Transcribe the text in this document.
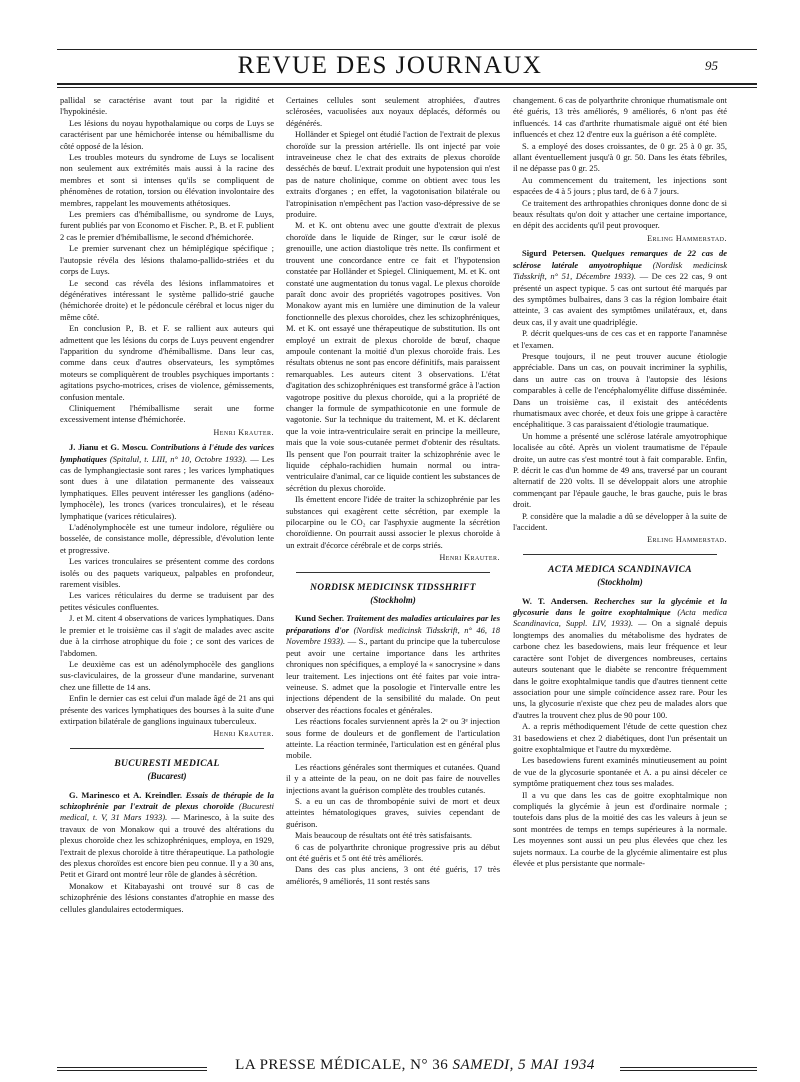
REVUE DES JOURNAUX	95

pallidal se caractérise avant tout par la rigidité et l'hypokinésie.

Les lésions du noyau hypothalamique ou corps de Luys se caractérisent par une hémichorée intense ou hémiballisme du côté opposé de la lésion.

Les troubles moteurs du syndrome de Luys se localisent non seulement aux extrémités mais aussi à la racine des membres et sont si intenses qu'ils se compliquent de phénomènes de rotation, torsion ou élévation involontaire des membres, rappelant les mouvements athétosiques.

Les premiers cas d'hémiballisme, ou syndrome de Luys, furent publiés par von Economo et Fischer. P., B. et F. publient 2 cas le premier d'hémiballisme, le second d'hémichorée.

Le premier survenant chez un hémiplégique spécifique ; l'autopsie révéla des lésions thalamo-pallido-striées et du corps de Luys.

Le second cas révéla des lésions inflammatoires et dégénératives intéressant le système pallido-strié gauche (hémichorée droite) et le pédoncule cérébral et locus niger du même côté.

En conclusion P., B. et F. se rallient aux auteurs qui admettent que les lésions du corps de Luys peuvent engendrer l'apparition du syndrome d'hémiballisme. Dans leur cas, comme dans ceux d'autres observateurs, les symptômes moteurs se compliquèrent de troubles psychiques importants : agitations psycho-motrices, crises de violence, gémissements, confusion mentale.

Cliniquement l'hémiballisme serait une forme excessivement intense d'hémichorée.

Henri Krauter.
J. Jianu et G. Moscu. Contributions à l'étude des varices lymphatiques (Spitalul, t. LIII, n° 10, Octobre 1933). — Les cas de lymphangiectasie sont rares ; les varices lymphatiques sont dues à une dilatation permanente des vaisseaux lymphatiques. Elles peuvent intéresser les ganglions (adéno-lymphocèle), les troncs (varices tronculaires), et le réseau lymphatique (varices réticulaires).

L'adénolymphocèle est une tumeur indolore, régulière ou bosselée, de consistance molle, dépressible, d'évolution lente et progressive.

Les varices tronculaires se présentent comme des cordons isolés ou des paquets variqueux, palpables en profondeur, rarement visibles.

Les varices réticulaires du derme se traduisent par des petites vésicules confluentes.

J. et M. citent 4 observations de varices lymphatiques. Dans le premier et le troisième cas il s'agit de malades avec ascite due à la cirrhose atrophique du foie ; ce sont des varices de l'abdomen.

Le deuxième cas est un adénolymphocèle des ganglions sus-claviculaires, de la grosseur d'une mandarine, survenant chez une fillette de 14 ans.

Enfin le dernier cas est celui d'un malade âgé de 21 ans qui présente des varices lymphatiques des bourses à la suite d'une extirpation bilatérale de ganglions inguinaux tuberculeux.

Henri Krauter.
BUCURESTI MEDICAL
(Bucarest)
G. Marinesco et A. Kreindler. Essais de thérapie de la schizophrénie par l'extrait de plexus choroïde (Bucuresti medical, t. V, 31 Mars 1933). — Marinesco, à la suite des travaux de von Monakow qui a trouvé des altérations du plexus choroïde chez les schizophréniques, employa, en 1929, l'extrait de plexus choroïde à titre thérapeutique. La pathologie des plexus choroïdes est encore bien peu connue. Il y a 30 ans, Petit et Girard ont montré leur rôle de glandes à sécrétion.

Monakow et Kitabayashi ont trouvé sur 8 cas de schizophrénie des lésions constantes d'atrophie en masse des cellules glandulaires ectodermiques.

Certaines cellules sont seulement atrophiées, d'autres sclérosées, vacuolisées aux noyaux déplacés, déformés ou dégénérés.

Holländer et Spiegel ont étudié l'action de l'extrait de plexus choroïde sur la pression artérielle. Ils ont injecté par voie intraveineuse chez le chat des extraits de plexus choroïde desséchés de bœuf. L'extrait produit une hypotension qui n'est pas de nature cholinique, comme on obtient avec tous les extraits d'organes ; en effet, la vagotonisation bilatérale ou l'atropinisation n'empêchent pas l'action vaso-dépressive de se produire.

M. et K. ont obtenu avec une goutte d'extrait de plexus choroïde dans le liquide de Ringer, sur le cœur isolé de grenouille, une action diastolique très nette. Ils confirment et trouvent une concordance entre ce fait et l'hypotension constatée par Holländer et Spiegel. Cliniquement, M. et K. ont constaté une augmentation du tonus vagal. Le plexus choroïde paraît donc avoir des propriétés vagotropes positives. Von Monakow ayant mis en lumière une diminution de la valeur fonctionnelle des plexus choroïdes, chez les schizophréniques, M. et K. ont essayé une thérapeutique de substitution. Ils ont employé un extrait de plexus choroïde de bœuf, chaque ampoule contenant la moitié d'un plexus choroïde frais. Les résultats obtenus ne sont pas encore définitifs, mais paraissent remarquables. Les auteurs citent 3 observations. L'état d'agitation des schizophréniques est transformé grâce à l'action vagotrope positive du plexus choroïde, qui a la propriété de changer la formule de sympathicotonie en une formule de vagotonie. Sur la technique du traitement, M. et K. déclarent que la voie intra-ventriculaire serait en principe la meilleure, mais que la voie sous-cutanée permet d'obtenir des résultats. Ils pensent que l'on pourrait traiter la schizophrénie avec le liquide céphalo-rachidien humain normal ou intra-ventriculaire d'animal, car ce liquide contient les substances de sécrétion du plexus choroïde.

Ils émettent encore l'idée de traiter la schizophrénie par les substances qui exagèrent cette sécrétion, par exemple la pilocarpine ou le CO₂ car l'asphyxie augmente la sécrétion choroïdienne. On pourrait aussi associer le plexus choroïde à un extrait d'écorce cérébrale et de corps striés.

Henri Krauter.
NORDISK MEDICINSK TIDSSHRIFT
(Stockholm)
Kund Secher. Traitement des maladies articulaires par les préparations d'or (Nordisk medicinsk Tidsskrift, n° 46, 18 Novembre 1933). — S., partant du principe que la tuberculose peut avoir une certaine importance dans les arthrites chroniques non spécifiques, a employé la « sanocrysine » dans leur traitement. Les injections ont été faites par voie intra-veineuse. S. admet que la posologie et l'intervalle entre les injections dépendent de la sensibilité du malade. On peut observer des réactions focales et générales.

Les réactions focales surviennent après la 2ᵉ ou 3ᵉ injection sous forme de douleurs et de gonflement de l'articulation atteinte. La réaction terminée, l'articulation est en général plus mobile.

Les réactions générales sont thermiques et cutanées. Quand il y a atteinte de la peau, on ne doit pas faire de nouvelles injections avant la guérison complète des troubles cutanés.

S. a eu un cas de thrombopénie suivi de mort et deux atteintes hématologiques graves, suivies cependant de guérison.

Mais beaucoup de résultats ont été très satisfaisants.

6 cas de polyarthrite chronique progressive pris au début ont été guéris et 5 ont été très améliorés.

Dans des cas plus anciens, 3 ont été guéris, 17 très améliorés, 9 améliorés, 11 sont restés sans

changement. 6 cas de polyarthrite chronique rhumatismale ont été guéris, 13 très améliorés, 9 améliorés, 6 n'ont pas été influencés. 14 cas d'arthrite rhumatismale aiguë ont été bien influencés et chez 12 d'entre eux la guérison a été complète.

S. a employé des doses croissantes, de 0 gr. 25 à 0 gr. 35, allant éventuellement jusqu'à 0 gr. 50. Dans les états fébriles, il ne dépasse pas 0 gr. 25.

Au commencement du traitement, les injections sont espacées de 4 à 5 jours ; plus tard, de 6 à 7 jours.

Ce traitement des arthropathies chroniques donne donc de si beaux résultats qu'on doit y attacher une certaine importance, en dépit des accidents qu'il peut provoquer.

Erling Hammerstad.
Sigurd Petersen. Quelques remarques de 22 cas de sclérose latérale amyotrophique (Nordisk medicinsk Tidsskrift, n° 51, Décembre 1933). — De ces 22 cas, 9 ont présenté un aspect typique. 5 cas ont surtout été marqués par des symptômes bulbaires, dans 3 cas la région lombaire était atteinte, 3 cas avaient des symptômes unilatéraux, et, dans deux cas, il y avait une quadriplégie.

P. décrit quelques-uns de ces cas et en rapporte l'anamnèse et l'examen.

Presque toujours, il ne peut trouver aucune étiologie appréciable. Dans un cas, on pouvait incriminer la syphilis, dans un autre cas on trouva à l'autopsie des lésions comparables à celle de l'encéphalomyélite diffuse disséminée. Dans un troisième cas, il existait des antécédents rhumatismaux avec chorée, et deux fois une grippe à caractère encéphalitique. 3 cas paraissaient d'étiologie traumatique.

Un homme a présenté une sclérose latérale amyotrophique localisée au côté. Après un violent traumatisme de l'épaule droite, un autre cas s'est montré tout à fait comparable. Enfin, P. décrit le cas d'un homme de 49 ans, traversé par un courant alternatif de 220 volts. Il se développait alors une atrophie commençant par l'épaule gauche, le bras gauche, puis le bras droit.

P. considère que la maladie a dû se développer à la suite de l'accident.

Erling Hammerstad.
ACTA MEDICA SCANDINAVICA
(Stockholm)
W. T. Andersen. Recherches sur la glycémie et la glycosurie dans le goitre exophtalmique (Acta medica Scandinavica, Suppl. LIV, 1933). — On a signalé depuis longtemps des anomalies du métabolisme des hydrates de carbone chez les basedowiens, mais leur fréquence et leur caractère sont l'objet de divergences nombreuses, certains auteurs soutenant que le diabète se rencontre fréquemment dans le goitre exophtalmique tandis que d'autres tiennent cette association pour une simple coïncidence assez rare. Pour les uns, la glycosurie n'existe que chez peu de malades alors que d'autres la trouvent chez plus de 90 pour 100.

A. a repris méthodiquement l'étude de cette question chez 31 basedowiens et chez 2 diabétiques, dont l'un présentait un goitre exophtalmique et l'autre du myxœdème.

Les basedowiens furent examinés minutieusement au point de vue de la glycosurie spontanée et A. a pu ainsi déceler ce symptôme pratiquement chez tous ses malades.

Il a vu que dans les cas de goitre exophtalmique non compliqués la glycémie à jeun est d'ordinaire normale ; toutefois dans plus de la moitié des cas les valeurs à jeun se sont montrées de temps en temps supérieures à la normale. Les moyennes sont aussi un peu plus élevées que chez les sujets normaux. La courbe de la glycémie alimentaire est plus élevée et plus persistante que normale-

LA PRESSE MÉDICALE, N° 36 SAMEDI, 5 MAI 1934
